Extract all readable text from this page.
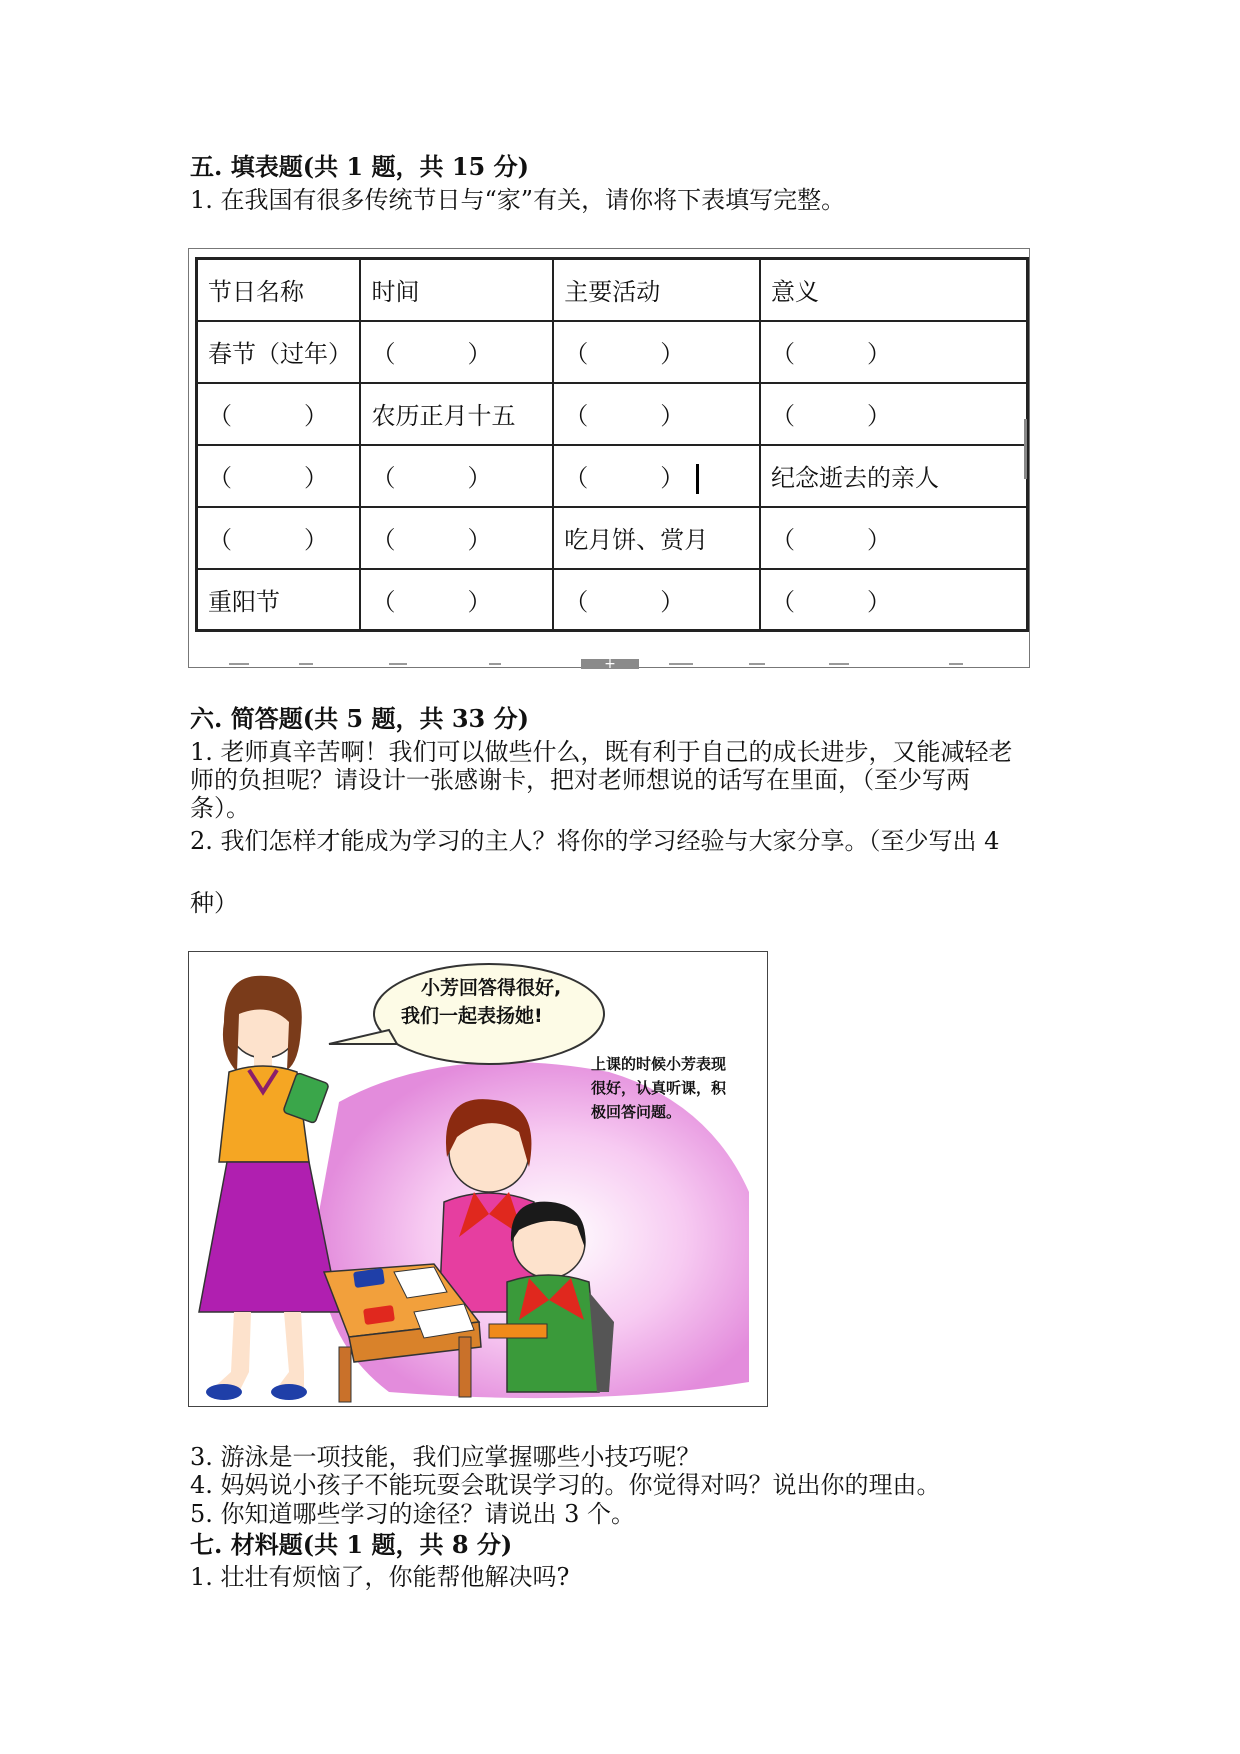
五. 填表题(共 1 题，共 15 分)
1. 在我国有很多传统节日与“家”有关，请你将下表填写完整。
节日名称	时间	主要活动	意义
春节（过年）	（　　　）	（　　　）	（　　　）
（　　　）	农历正月十五	（　　　）	（　　　）
（　　　）	（　　　）	（　　　）	纪念逝去的亲人
（　　　）	（　　　）	吃月饼、赏月	（　　　）
重阳节	（　　　）	（　　　）	（　　　）
+
六. 简答题(共 5 题，共 33 分)
1. 老师真辛苦啊！我们可以做些什么，既有利于自己的成长进步，又能减轻老
师的负担呢？请设计一张感谢卡，把对老师想说的话写在里面，（至少写两
条）。
2. 我们怎样才能成为学习的主人？将你的学习经验与大家分享。（至少写出 4
种）
小芳回答得很好,
我们一起表扬她!
上课的时候小芳表现
很好，认真听课，积
极回答问题。
3. 游泳是一项技能，我们应掌握哪些小技巧呢？
4. 妈妈说小孩子不能玩耍会耽误学习的。你觉得对吗？说出你的理由。
5. 你知道哪些学习的途径？请说出 3 个。
七. 材料题(共 1 题，共 8 分)
1. 壮壮有烦恼了，你能帮他解决吗?
